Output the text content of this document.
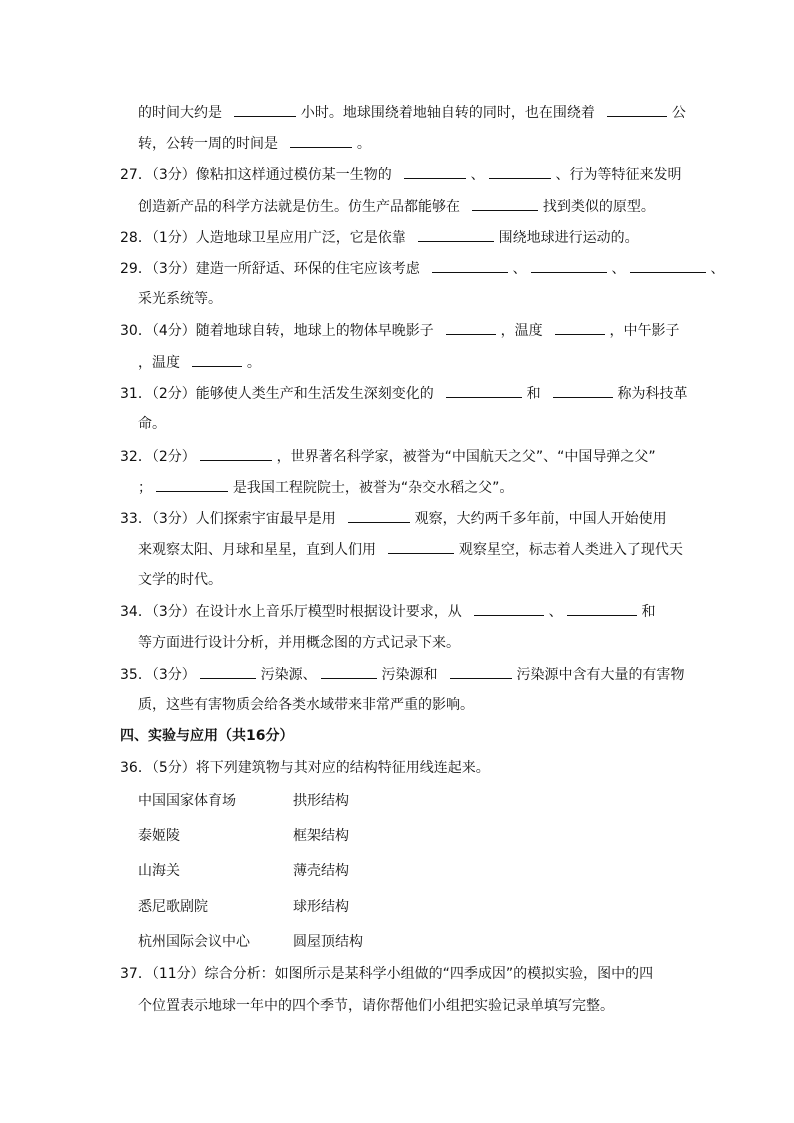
的时间大约是	小时。地球围绕着地轴自转的同时，也在围绕着	公
转，公转一周的时间是	。
27．（3分）像粘扣这样通过模仿某一生物的	、	、行为等特征来发明
创造新产品的科学方法就是仿生。仿生产品都能够在	找到类似的原型。
28．（1分）人造地球卫星应用广泛，它是依靠	围绕地球进行运动的。
29．（3分）建造一所舒适、环保的住宅应该考虑	、	、	、
采光系统等。
30．（4分）随着地球自转，地球上的物体早晚影子	，温度	，中午影子
，温度	。
31．（2分）能够使人类生产和生活发生深刻变化的	和	称为科技革
命。
32．（2分）	，世界著名科学家，被誉为“中国航天之父”、“中国导弹之父”
；	是我国工程院院士，被誉为“杂交水稻之父”。
33．（3分）人们探索宇宙最早是用	观察，大约两千多年前，中国人开始使用
来观察太阳、月球和星星，直到人们用	观察星空，标志着人类进入了现代天
文学的时代。
34．（3分）在设计水上音乐厅模型时根据设计要求，从	、	和
等方面进行设计分析，并用概念图的方式记录下来。
35．（3分）	污染源、	污染源和	污染源中含有大量的有害物
质，这些有害物质会给各类水域带来非常严重的影响。
四、实验与应用（共16分）
36．（5分）将下列建筑物与其对应的结构特征用线连起来。
中国国家体育场	拱形结构
泰姬陵	框架结构
山海关	薄壳结构
悉尼歌剧院	球形结构
杭州国际会议中心	圆屋顶结构
37．（11分）综合分析：如图所示是某科学小组做的“四季成因”的模拟实验，图中的四
个位置表示地球一年中的四个季节，请你帮他们小组把实验记录单填写完整。
